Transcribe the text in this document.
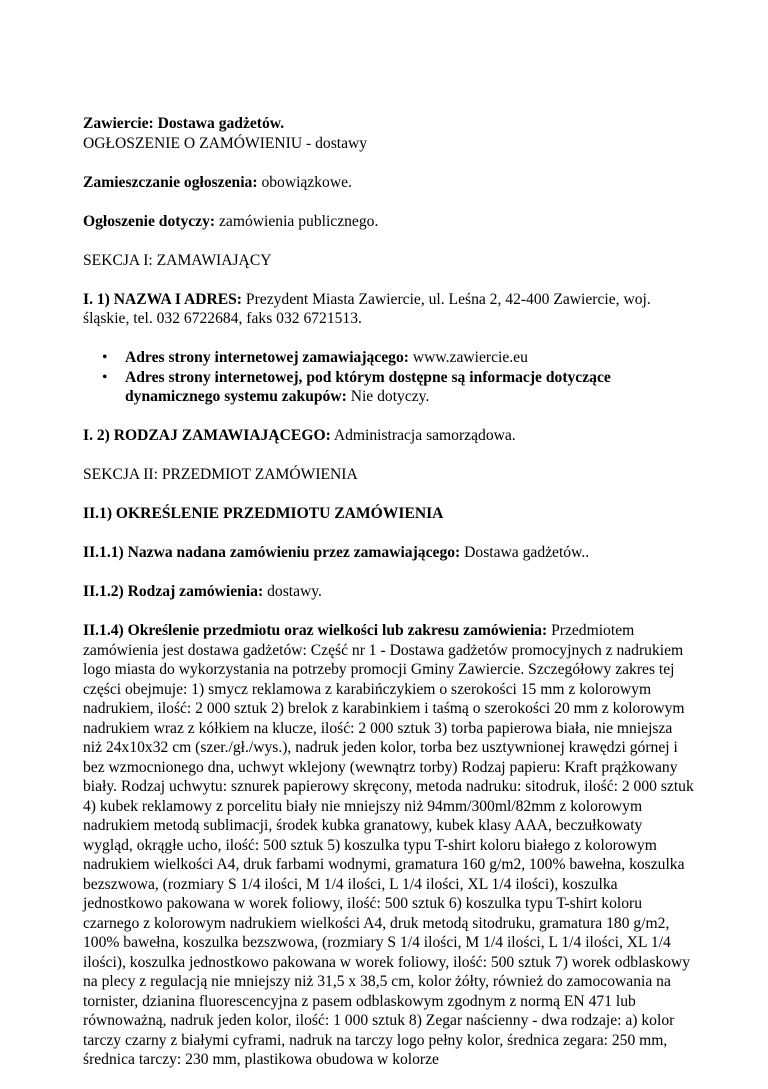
Zawiercie: Dostawa gadżetów.
OGŁOSZENIE O ZAMÓWIENIU - dostawy

Zamieszczanie ogłoszenia: obowiązkowe.

Ogłoszenie dotyczy: zamówienia publicznego.

SEKCJA I: ZAMAWIAJĄCY

I. 1) NAZWA I ADRES: Prezydent Miasta Zawiercie, ul. Leśna 2, 42-400 Zawiercie, woj. śląskie, tel. 032 6722684, faks 032 6721513.

• Adres strony internetowej zamawiającego: www.zawiercie.eu
• Adres strony internetowej, pod którym dostępne są informacje dotyczące dynamicznego systemu zakupów: Nie dotyczy.

I. 2) RODZAJ ZAMAWIAJĄCEGO: Administracja samorządowa.

SEKCJA II: PRZEDMIOT ZAMÓWIENIA

II.1) OKREŚLENIE PRZEDMIOTU ZAMÓWIENIA

II.1.1) Nazwa nadana zamówieniu przez zamawiającego: Dostawa gadżetów..

II.1.2) Rodzaj zamówienia: dostawy.

II.1.4) Określenie przedmiotu oraz wielkości lub zakresu zamówienia: Przedmiotem zamówienia jest dostawa gadżetów: Część nr 1 - Dostawa gadżetów promocyjnych z nadrukiem logo miasta do wykorzystania na potrzeby promocji Gminy Zawiercie. Szczegółowy zakres tej części obejmuje: 1) smycz reklamowa z karabińczykiem o szerokości 15 mm z kolorowym nadrukiem, ilość: 2 000 sztuk 2) brelok z karabinkiem i taśmą o szerokości 20 mm z kolorowym nadrukiem wraz z kółkiem na klucze, ilość: 2 000 sztuk 3) torba papierowa biała, nie mniejsza niż 24x10x32 cm (szer./gł./wys.), nadruk jeden kolor, torba bez usztywnionej krawędzi górnej i bez wzmocnionego dna, uchwyt wklejony (wewnątrz torby) Rodzaj papieru: Kraft prążkowany biały. Rodzaj uchwytu: sznurek papierowy skręcony, metoda nadruku: sitodruk, ilość: 2 000 sztuk 4) kubek reklamowy z porcelitu biały nie mniejszy niż 94mm/300ml/82mm z kolorowym nadrukiem metodą sublimacji, środek kubka granatowy, kubek klasy AAA, beczułkowaty wygląd, okrągłe ucho, ilość: 500 sztuk 5) koszulka typu T-shirt koloru białego z kolorowym nadrukiem wielkości A4, druk farbami wodnymi, gramatura 160 g/m2, 100% bawełna, koszulka bezszwowa, (rozmiary S 1/4 ilości, M 1/4 ilości, L 1/4 ilości, XL 1/4 ilości), koszulka jednostkowo pakowana w worek foliowy, ilość: 500 sztuk 6) koszulka typu T-shirt koloru czarnego z kolorowym nadrukiem wielkości A4, druk metodą sitodruku, gramatura 180 g/m2, 100% bawełna, koszulka bezszwowa, (rozmiary S 1/4 ilości, M 1/4 ilości, L 1/4 ilości, XL 1/4 ilości), koszulka jednostkowo pakowana w worek foliowy, ilość: 500 sztuk 7) worek odblaskowy na plecy z regulacją nie mniejszy niż 31,5 x 38,5 cm, kolor żółty, również do zamocowania na tornister, dzianina fluorescencyjna z pasem odblaskowym zgodnym z normą EN 471 lub równoważną, nadruk jeden kolor, ilość: 1 000 sztuk 8) Zegar naścienny - dwa rodzaje: a) kolor tarczy czarny z białymi cyframi, nadruk na tarczy logo pełny kolor, średnica zegara: 250 mm, średnica tarczy: 230 mm, plastikowa obudowa w kolorze
